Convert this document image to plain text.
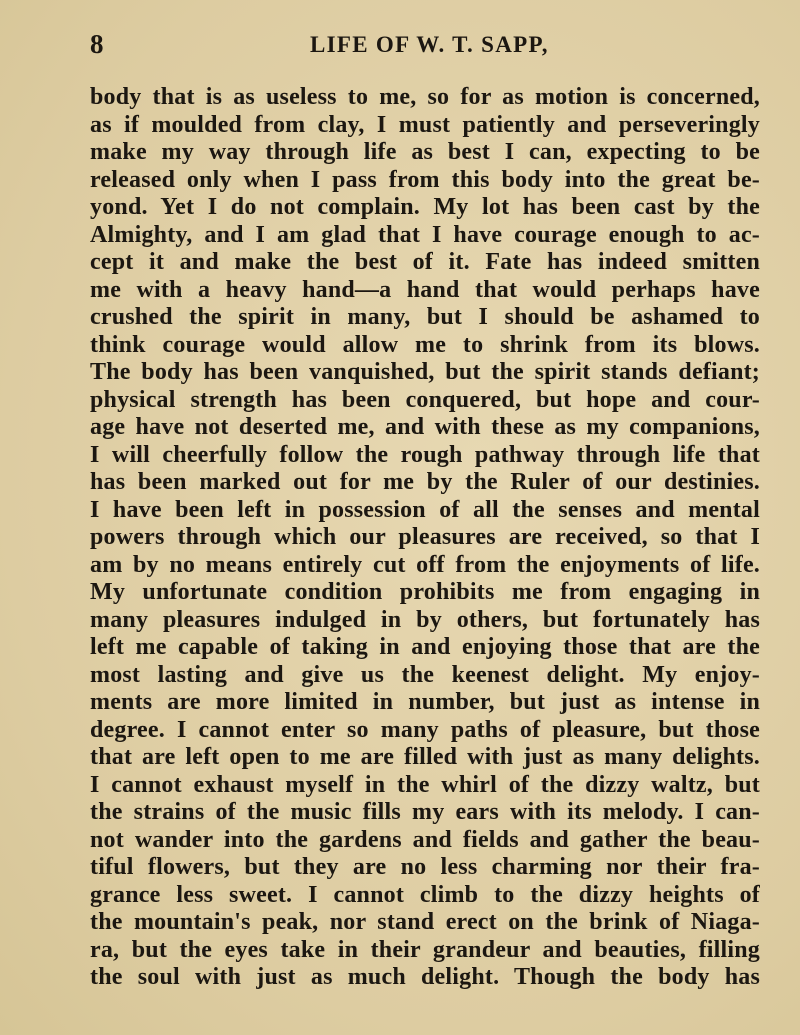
8	LIFE OF W. T. SAPP,
body that is as useless to me, so for as motion is concerned,
as if moulded from clay, I must patiently and perseveringly
make my way through life as best I can, expecting to be
released only when I pass from this body into the great be-
yond. Yet I do not complain. My lot has been cast by the
Almighty, and I am glad that I have courage enough to ac-
cept it and make the best of it. Fate has indeed smitten
me with a heavy hand—a hand that would perhaps have
crushed the spirit in many, but I should be ashamed to
think courage would allow me to shrink from its blows.
The body has been vanquished, but the spirit stands defiant;
physical strength has been conquered, but hope and cour-
age have not deserted me, and with these as my companions,
I will cheerfully follow the rough pathway through life that
has been marked out for me by the Ruler of our destinies.
I have been left in possession of all the senses and mental
powers through which our pleasures are received, so that I
am by no means entirely cut off from the enjoyments of life.
My unfortunate condition prohibits me from engaging in
many pleasures indulged in by others, but fortunately has
left me capable of taking in and enjoying those that are the
most lasting and give us the keenest delight. My enjoy-
ments are more limited in number, but just as intense in
degree. I cannot enter so many paths of pleasure, but those
that are left open to me are filled with just as many delights.
I cannot exhaust myself in the whirl of the dizzy waltz, but
the strains of the music fills my ears with its melody. I can-
not wander into the gardens and fields and gather the beau-
tiful flowers, but they are no less charming nor their fra-
grance less sweet. I cannot climb to the dizzy heights of
the mountain's peak, nor stand erect on the brink of Niaga-
ra, but the eyes take in their grandeur and beauties, filling
the soul with just as much delight. Though the body has
